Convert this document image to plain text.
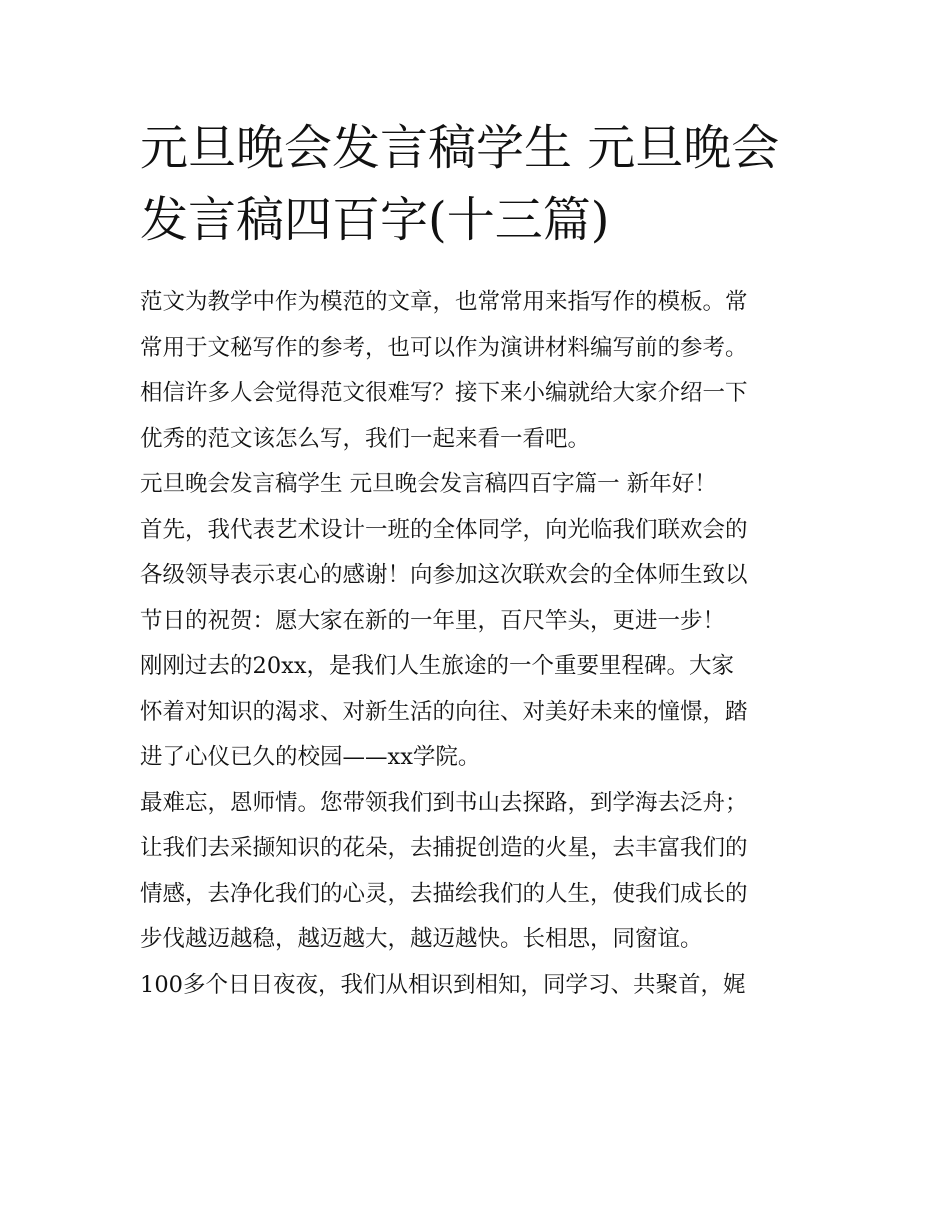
元旦晚会发言稿学生 元旦晚会
发言稿四百字(十三篇)
范文为教学中作为模范的文章，也常常用来指写作的模板。常
常用于文秘写作的参考，也可以作为演讲材料编写前的参考。
相信许多人会觉得范文很难写？接下来小编就给大家介绍一下
优秀的范文该怎么写，我们一起来看一看吧。
元旦晚会发言稿学生 元旦晚会发言稿四百字篇一 新年好！
首先，我代表艺术设计一班的全体同学，向光临我们联欢会的
各级领导表示衷心的感谢！向参加这次联欢会的全体师生致以
节日的祝贺：愿大家在新的一年里，百尺竿头，更进一步！
刚刚过去的20xx，是我们人生旅途的一个重要里程碑。大家
怀着对知识的渴求、对新生活的向往、对美好未来的憧憬，踏
进了心仪已久的校园——xx学院。
最难忘，恩师情。您带领我们到书山去探路，到学海去泛舟；
让我们去采撷知识的花朵，去捕捉创造的火星，去丰富我们的
情感，去净化我们的心灵，去描绘我们的人生，使我们成长的
步伐越迈越稳，越迈越大，越迈越快。长相思，同窗谊。
100多个日日夜夜，我们从相识到相知，同学习、共聚首，娓
